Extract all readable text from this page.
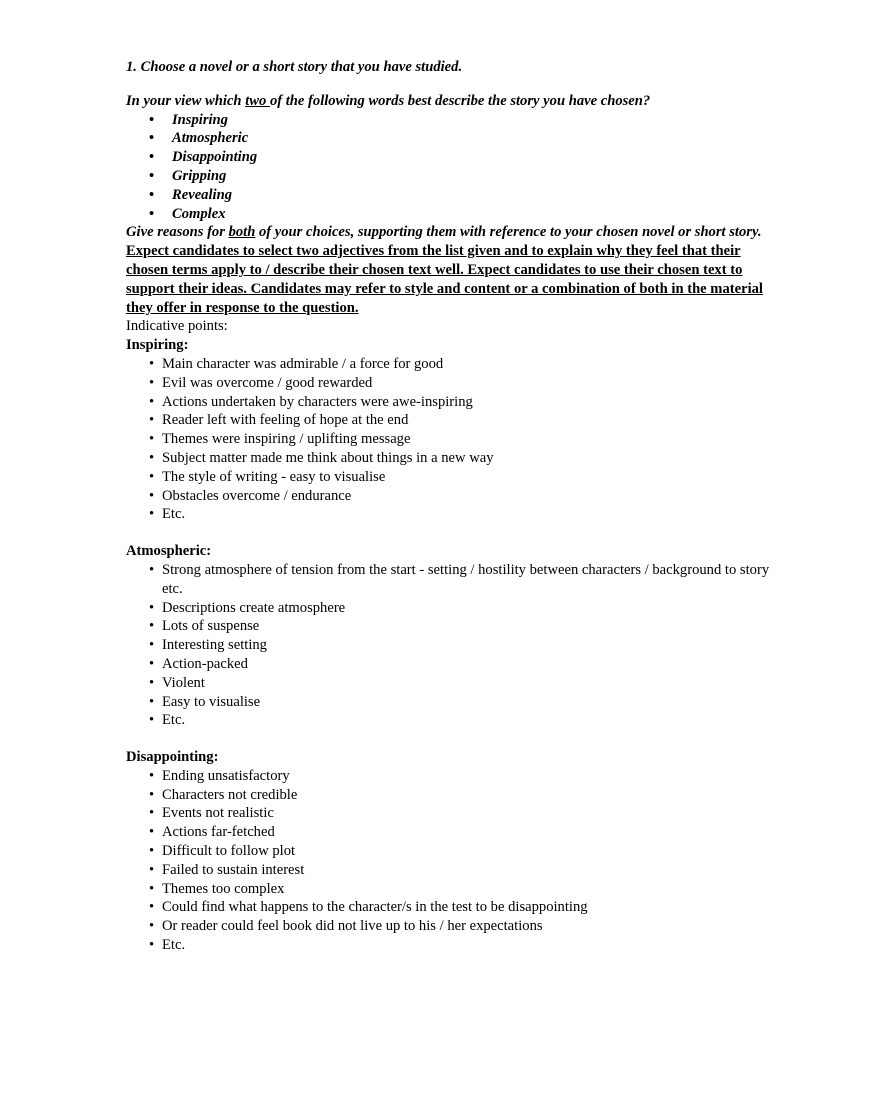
1. Choose a novel or a short story that you have studied.

In your view which two of the following words best describe the story you have chosen?

• Inspiring
• Atmospheric
• Disappointing
• Gripping
• Revealing
• Complex

Give reasons for both of your choices, supporting them with reference to your chosen novel or short story.

Expect candidates to select two adjectives from the list given and to explain why they feel that their chosen terms apply to / describe their chosen text well. Expect candidates to use their chosen text to support their ideas. Candidates may refer to style and content or a combination of both in the material they offer in response to the question.

Indicative points:

Inspiring:

• Main character was admirable / a force for good
• Evil was overcome / good rewarded
• Actions undertaken by characters were awe-inspiring
• Reader left with feeling of hope at the end
• Themes were inspiring / uplifting message
• Subject matter made me think about things in a new way
• The style of writing - easy to visualise
• Obstacles overcome / endurance
• Etc.

Atmospheric:

• Strong atmosphere of tension from the start - setting / hostility between characters / background to story etc.
• Descriptions create atmosphere
• Lots of suspense
• Interesting setting
• Action-packed
• Violent
• Easy to visualise
• Etc.

Disappointing:

• Ending unsatisfactory
• Characters not credible
• Events not realistic
• Actions far-fetched
• Difficult to follow plot
• Failed to sustain interest
• Themes too complex
• Could find what happens to the character/s in the test to be disappointing
• Or reader could feel book did not live up to his / her expectations
• Etc.
